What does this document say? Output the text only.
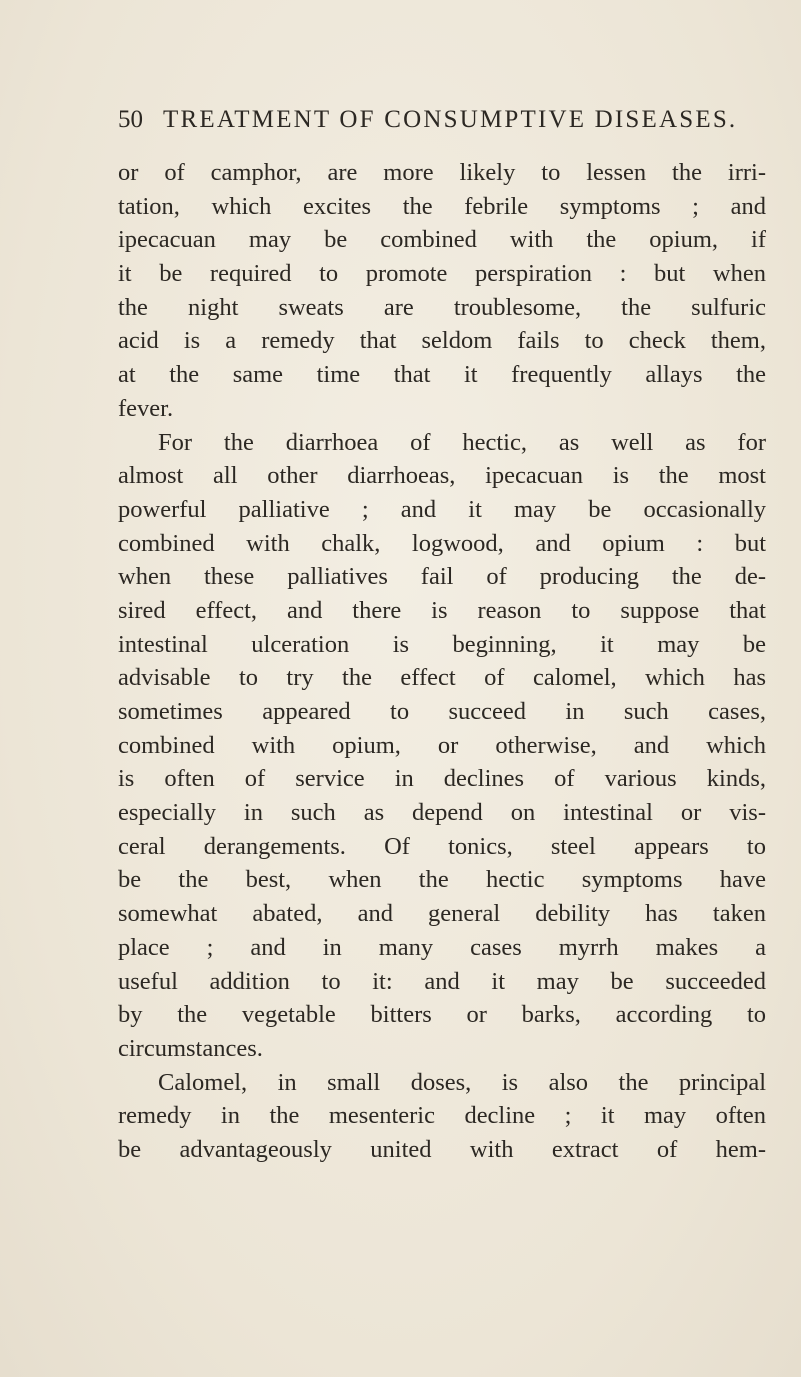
50 TREATMENT OF CONSUMPTIVE DISEASES.
or of camphor, are more likely to lessen the irri-
tation, which excites the febrile symptoms ; and
ipecacuan may be combined with the opium, if
it be required to promote perspiration : but when
the night sweats are troublesome, the sulfuric
acid is a remedy that seldom fails to check them,
at the same time that it frequently allays the
fever.
For the diarrhoea of hectic, as well as for
almost all other diarrhoeas, ipecacuan is the most
powerful palliative ; and it may be occasionally
combined with chalk, logwood, and opium : but
when these palliatives fail of producing the de-
sired effect, and there is reason to suppose that
intestinal ulceration is beginning, it may be
advisable to try the effect of calomel, which has
sometimes appeared to succeed in such cases,
combined with opium, or otherwise, and which
is often of service in declines of various kinds,
especially in such as depend on intestinal or vis-
ceral derangements. Of tonics, steel appears to
be the best, when the hectic symptoms have
somewhat abated, and general debility has taken
place ; and in many cases myrrh makes a
useful addition to it: and it may be succeeded
by the vegetable bitters or barks, according to
circumstances.
Calomel, in small doses, is also the principal
remedy in the mesenteric decline ; it may often
be advantageously united with extract of hem-
